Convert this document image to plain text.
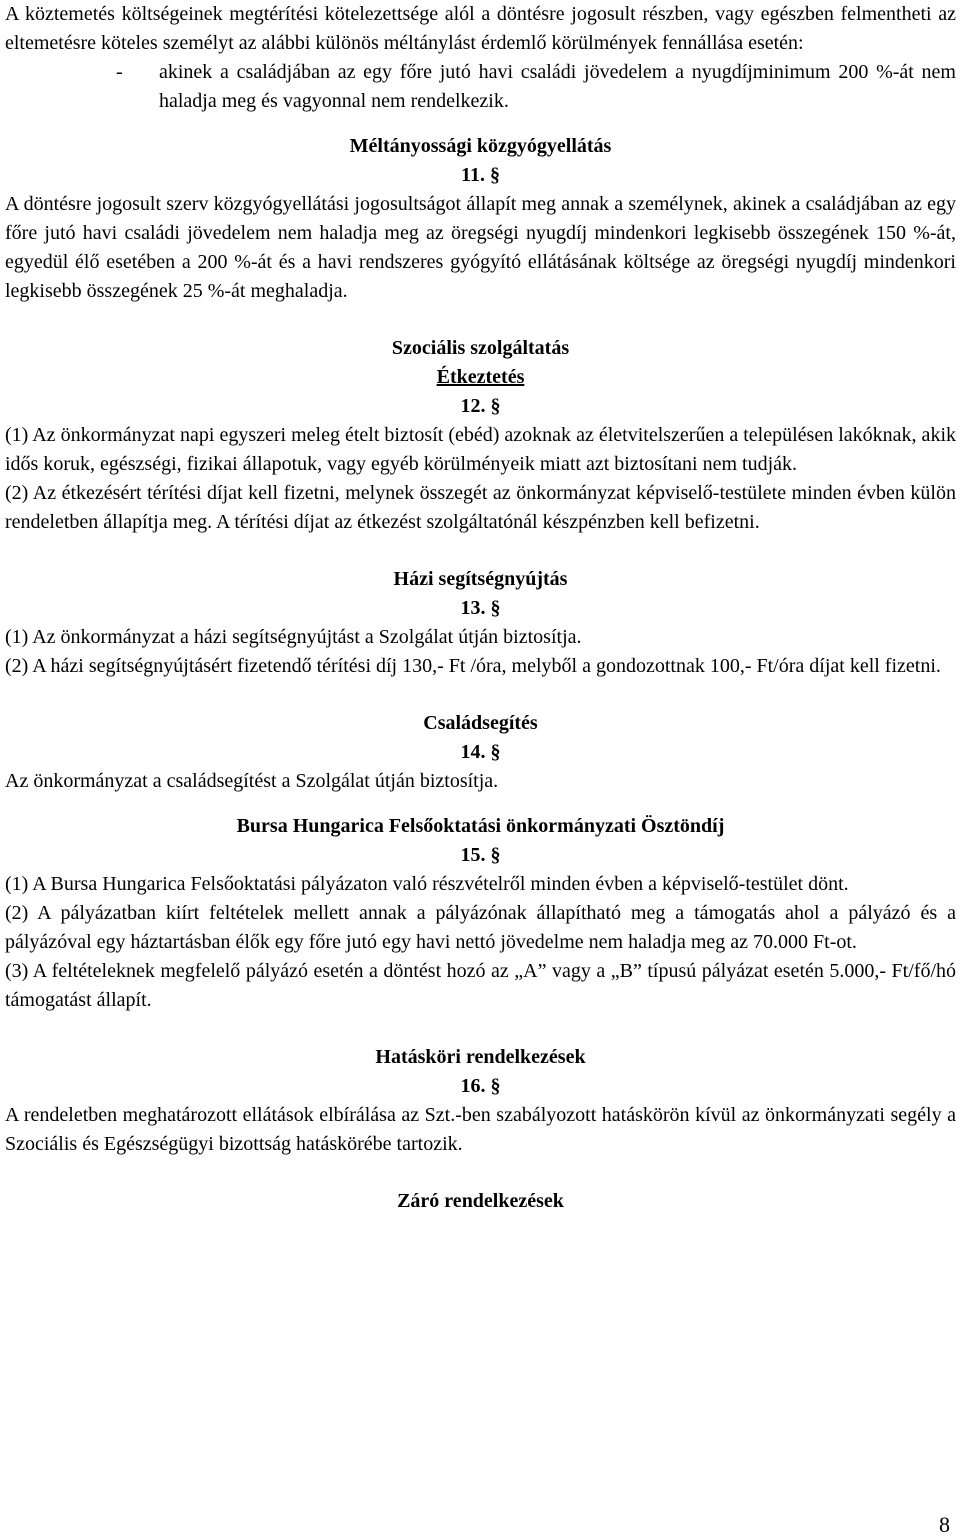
A köztemetés költségeinek megtérítési kötelezettsége alól a döntésre jogosult részben, vagy egészben felmentheti az eltemetésre köteles személyt az alábbi különös méltánylást érdemlő körülmények fennállása esetén:

-	akinek a családjában az egy főre jutó havi családi jövedelem a nyugdíjminimum 200 %-át nem haladja meg és vagyonnal nem rendelkezik.

Méltányossági közgyógyellátás

11. §

A döntésre jogosult szerv közgyógyellátási jogosultságot állapít meg annak a személynek, akinek a családjában az egy főre jutó havi családi jövedelem nem haladja meg az öregségi nyugdíj mindenkori legkisebb összegének 150 %-át, egyedül élő esetében a 200 %-át és a havi rendszeres gyógyító ellátásának költsége az öregségi nyugdíj mindenkori legkisebb összegének 25 %-át meghaladja.

Szociális szolgáltatás

Étkeztetés

12. §

(1) Az önkormányzat napi egyszeri meleg ételt biztosít (ebéd) azoknak az életvitelszerűen a településen lakóknak, akik idős koruk, egészségi, fizikai állapotuk, vagy egyéb körülményeik miatt azt biztosítani nem tudják.

(2) Az étkezésért térítési díjat kell fizetni, melynek összegét az önkormányzat képviselő-testülete minden évben külön rendeletben állapítja meg. A térítési díjat az étkezést szolgáltatónál készpénzben kell befizetni.

Házi segítségnyújtás

13. §

(1) Az önkormányzat a házi segítségnyújtást a Szolgálat útján biztosítja.

(2) A házi segítségnyújtásért fizetendő térítési díj 130,- Ft /óra, melyből a gondozottnak 100,- Ft/óra díjat kell fizetni.

Családsegítés

14. §

Az önkormányzat a családsegítést a Szolgálat útján biztosítja.

Bursa Hungarica Felsőoktatási önkormányzati Ösztöndíj

15. §

(1) A Bursa Hungarica Felsőoktatási pályázaton való részvételről minden évben a képviselő-testület dönt.

(2) A pályázatban kiírt feltételek mellett annak a pályázónak állapítható meg a támogatás ahol a pályázó és a pályázóval egy háztartásban élők egy főre jutó egy havi nettó jövedelme nem haladja meg az 70.000 Ft-ot.

(3) A feltételeknek megfelelő pályázó esetén a döntést hozó az „A” vagy a „B” típusú pályázat esetén 5.000,- Ft/fő/hó támogatást állapít.

Hatásköri rendelkezések

16. §

A rendeletben meghatározott ellátások elbírálása az Szt.-ben szabályozott hatáskörön kívül az önkormányzati segély a Szociális és Egészségügyi bizottság hatáskörébe tartozik.

Záró rendelkezések

8
